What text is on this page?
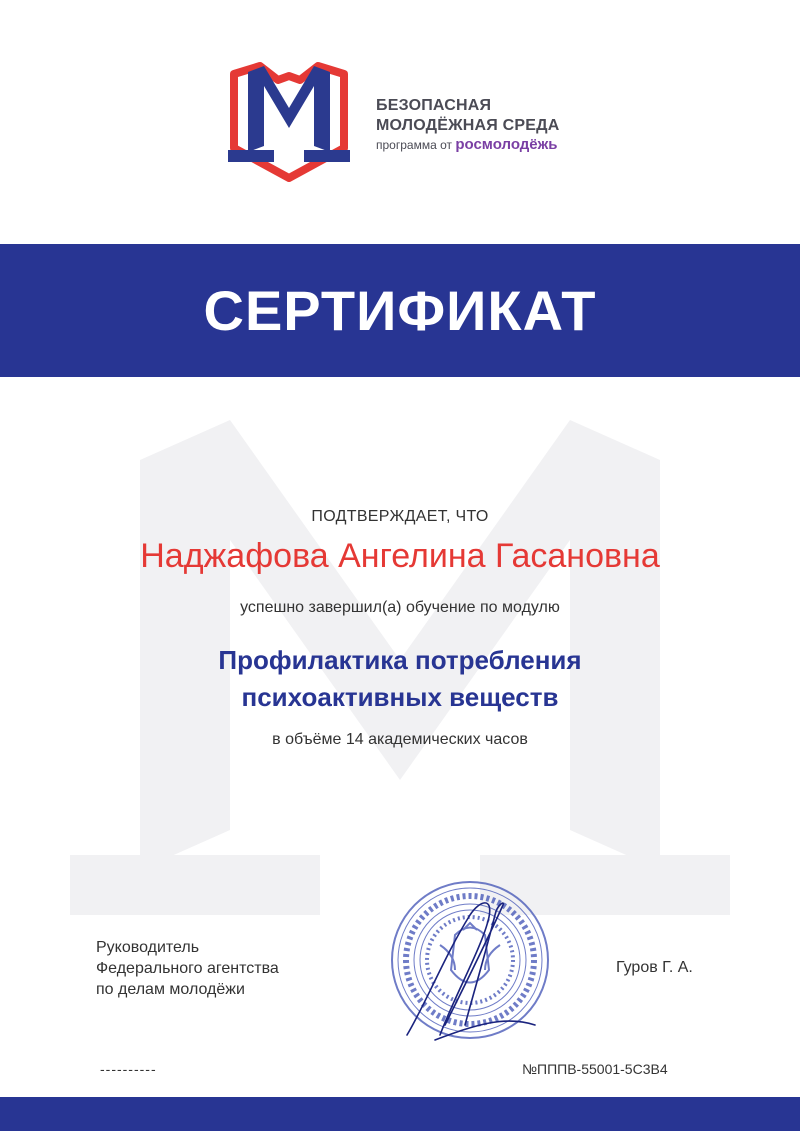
БЕЗОПАСНАЯ
МОЛОДЁЖНАЯ СРЕДА
программа от росмолодёжь
СЕРТИФИКАТ
ПОДТВЕРЖДАЕТ, ЧТО
Наджафова Ангелина Гасановна
успешно завершил(а) обучение по модулю
Профилактика потребления
психоактивных веществ
в объёме 14 академических часов
Руководитель
Федерального агентства
по делам молодёжи
Гуров Г. А.
----------	№ПППВ-55001-5С3В4
